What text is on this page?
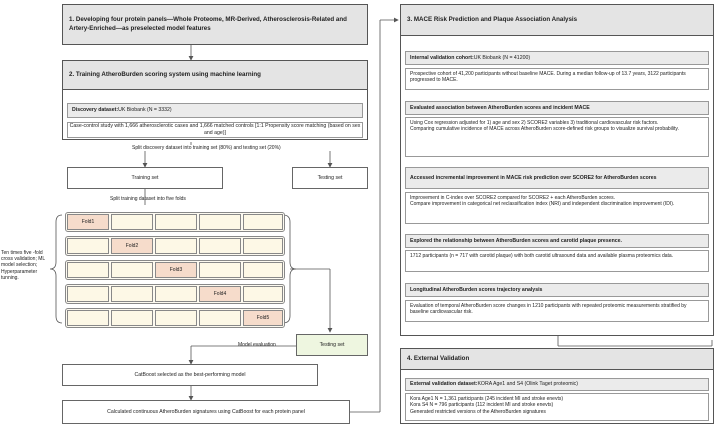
1. Developing four protein panels—Whole Proteome, MR-Derived, Atherosclerosis-Related and Artery-Enriched—as preselected model features
2. Training AtheroBurden scoring system using machine learning
Discovery dataset: UK Biobank (N = 3332)
Case-control study with 1,666 atherosclerotic cases and 1,666 matched controls [1:1 Propensity score matching (based on sex and age)]
Split discovery dataset into training set (80%) and testing set (20%)
Training set	Testing set
Split training dataset into five folds
Fold1
Fold2
Fold3
Fold4
Fold5
Ten times five -fold cross validation; ML model selection; Hyperparameter tunning.
Model evaluation	Testing set
CatBoost selected as the best-performing model
Calculated continuous AtheroBurden signatures using CatBoost for each protein panel
3. MACE Risk Prediction and Plaque Association Analysis
Internal validation cohort: UK Biobank (N = 41200)
Prospective cohort of 41,200 participants without baseline MACE. During a median follow-up of 13.7 years, 3122 participants progressed to MACE.
Evaluated association between AtheroBurden scores and incident MACE
Using Cox regression adjusted for 1) age and sex 2) SCORE2 variables 3) traditional cardiovascular risk factors.
Comparing cumulative incidence of MACE across AtheroBurden score-defined risk groups to visualize survival probability.
Accessed incremental improvement in MACE risk prediction over SCORE2 for AtheroBurden scores
Improvement in C-index over SCORE2 compared for SCORE2 + each AtheroBurden scores.
Compare improvement in categorical net reclassification index (NRI) and independent discrimination improvement (IDI).
Explored the relationship between AtheroBurden scores and carotid plaque presence.
1712 participants (n = 717 with carotid plaque) with both carotid ultrasound data and available plasma proteomics data.
Longitudinal AtheroBurden scores trajectory analysis
Evaluation of temporal AtheroBurden score changes in 1210 participants with repeated proteomic measurements stratified by baseline cardiovascular risk.
4. External Validation
External validation dataset: KORA Age1 and S4 (Olink Taget proteomic)
Kora Age1 N = 1,361 participants (245 incident MI and stroke enevts)
Kora S4 N = 796 participants (112 incident MI and stroke enevts)
Generated restricted versions of the AtheroBurden signatures
